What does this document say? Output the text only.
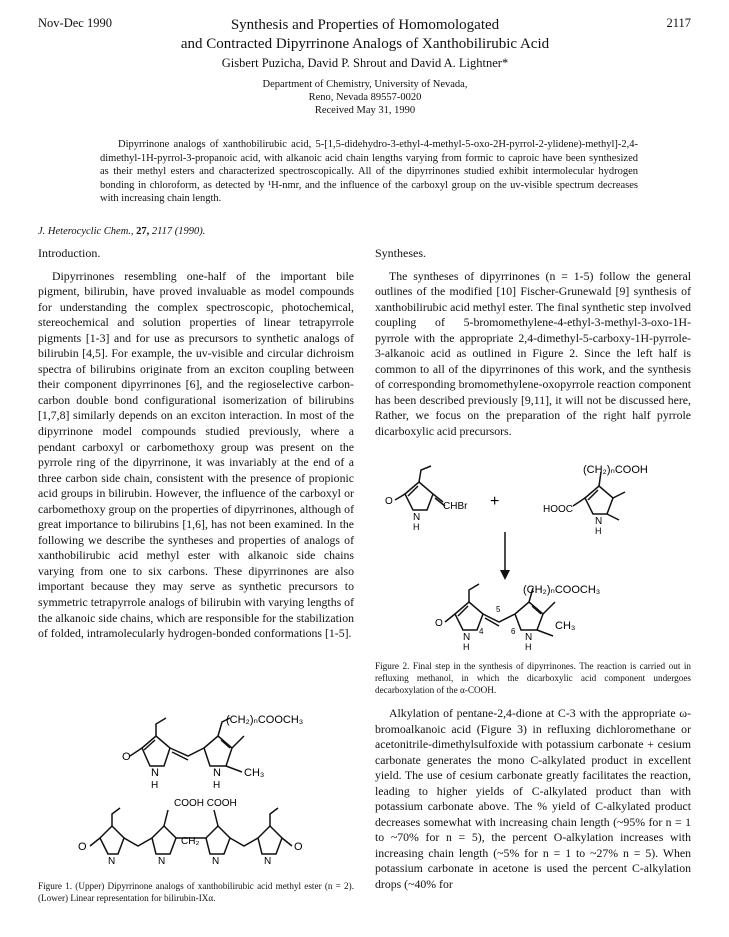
Nov-Dec 1990	2117
Synthesis and Properties of Homomologated
and Contracted Dipyrrinone Analogs of Xanthobilirubic Acid
Gisbert Puzicha, David P. Shrout and David A. Lightner*
Department of Chemistry, University of Nevada,
Reno, Nevada 89557-0020
Received May 31, 1990
Dipyrrinone analogs of xanthobilirubic acid, 5-[1,5-didehydro-3-ethyl-4-methyl-5-oxo-2H-pyrrol-2-ylidene)-methyl]-2,4-dimethyl-1H-pyrrol-3-propanoic acid, with alkanoic acid chain lengths varying from formic to caproic have been synthesized as their methyl esters and characterized spectroscopically. All of the dipyrrinones studied exhibit intermolecular hydrogen bonding in chloroform, as detected by ¹H-nmr, and the influence of the carboxyl group on the uv-visible spectrum decreases with increasing chain length.
J. Heterocyclic Chem., 27, 2117 (1990).
Introduction.

Dipyrrinones resembling one-half of the important bile pigment, bilirubin, have proved invaluable as model compounds for understanding the complex spectroscopic, photochemical, stereochemical and solution properties of linear tetrapyrrole pigments [1-3] and for use as precursors to synthetic analogs of bilirubin [4,5]. For example, the uv-visible and circular dichroism spectra of bilirubins originate from an exciton coupling between their component dipyrrinones [6], and the regioselective carbon-carbon double bond configurational isomerization of bilirubins [1,7,8] similarly depends on an exciton interaction. In most of the dipyrrinone model compounds studied previously, where a pendant carboxyl or carbomethoxy group was present on the pyrrole ring of the dipyrrinone, it was invariably at the end of a three carbon side chain, consistent with the presence of propionic acid groups in bilirubin. However, the influence of the carboxyl or carbomethoxy group on the properties of dipyrrinones, although of great importance to bilirubins [1,6], has not been examined. In the following we describe the syntheses and properties of analogs of xanthobilirubic acid methyl ester with alkanoic side chains varying from one to six carbons. These dipyrrinones are also important because they may serve as synthetic precursors to symmetric tetrapyrrole analogs of bilirubin with varying lengths of the alkanoic side chains, which are responsible for the stabilization of folded, intramolecularly hydrogen-bonded conformations [1-5].

(CH₂)ₙCOOCH₃
CH₃
O
N
H
N
H
COOH COOH
O	O
CH₂
N	N	N	N
Figure 1. (Upper) Dipyrrinone analogs of xanthobilirubic acid methyl ester (n = 2). (Lower) Linear representation for bilirubin-IXα.
Syntheses.

The syntheses of dipyrrinones (n = 1-5) follow the general outlines of the modified [10] Fischer-Grunewald [9] synthesis of xanthobilirubic acid methyl ester. The final synthetic step involved coupling of 5-bromomethylene-4-ethyl-3-methyl-3-oxo-1H-pyrrole with the appropriate 2,4-dimethyl-5-carboxy-1H-pyrrole-3-alkanoic acid as outlined in Figure 2. Since the left half is common to all of the dipyrrinones of this work, and the synthesis of corresponding bromomethylene-oxopyrrole reaction component has been described previously [9,11], it will not be discussed here, Rather, we focus on the preparation of the right half pyrrole dicarboxylic acid precursors.

CHBr +
(CH₂)ₙCOOH
HOOC
O
N
H	N
H
(CH₂)ₙCOOCH₃
CH₃
O
N
H
N
H
4
5
6
Figure 2. Final step in the synthesis of dipyrrinones. The reaction is carried out in refluxing methanol, in which the dicarboxylic acid component undergoes decarboxylation of the α-COOH.

Alkylation of pentane-2,4-dione at C-3 with the appropriate ω-bromoalkanoic acid (Figure 3) in refluxing dichloromethane or acetonitrile-dimethylsulfoxide with potassium carbonate + cesium carbonate generates the mono C-alkylated product in excellent yield. The use of cesium carbonate greatly facilitates the reaction, leading to higher yields of C-alkylated product than with potassium carbonate above. The % yield of C-alkylated product decreases somewhat with increasing chain length (~95% for n = 1 to ~70% for n = 5), the percent O-alkylation increases with increasing chain length (~5% for n = 1 to ~27% n = 5). When potassium carbonate in acetone is used the percent C-alkylation drops (~40% for
